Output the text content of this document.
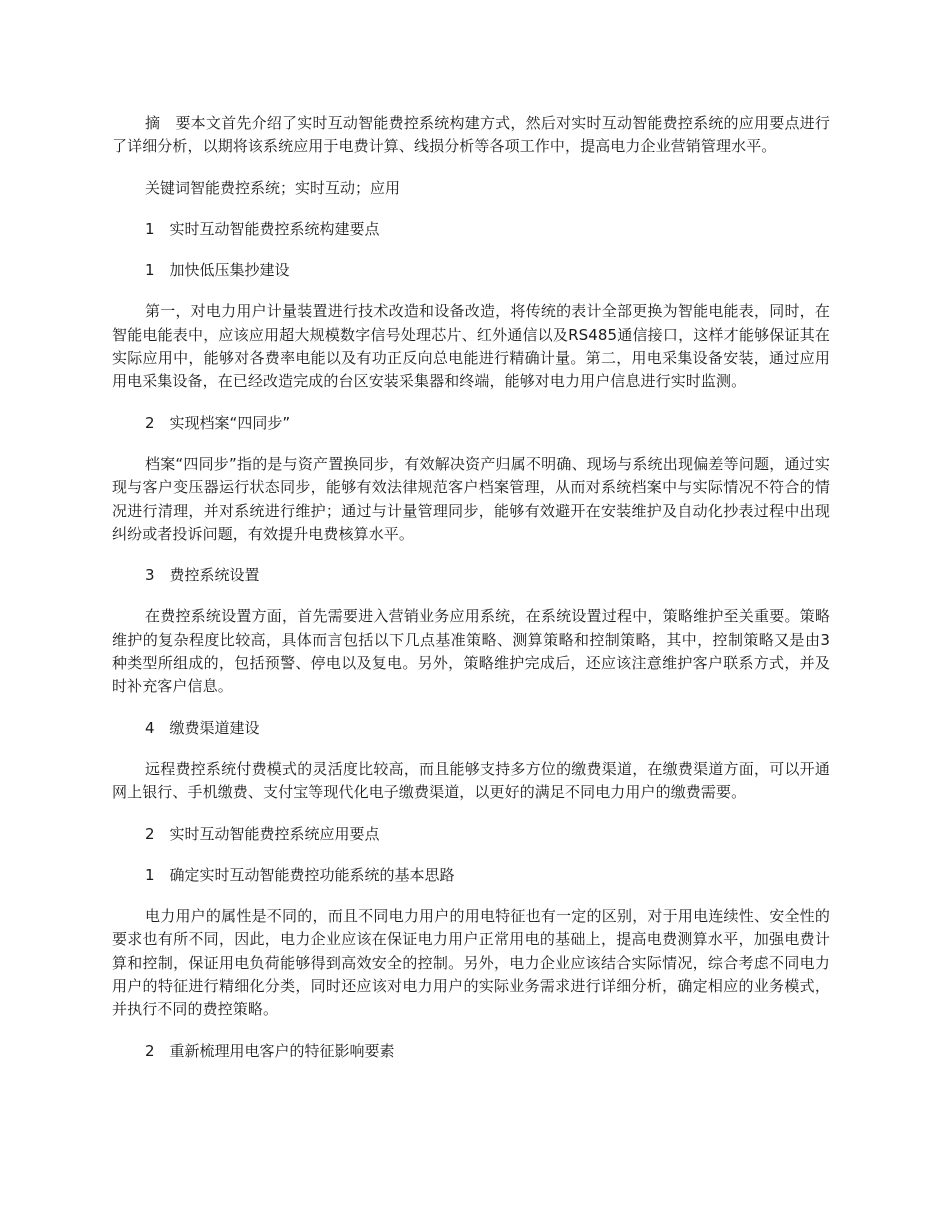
摘　要本文首先介绍了实时互动智能费控系统构建方式，然后对实时互动智能费控系统的应用要点进行了详细分析，以期将该系统应用于电费计算、线损分析等各项工作中，提高电力企业营销管理水平。

关键词智能费控系统；实时互动；应用

1　实时互动智能费控系统构建要点

1　加快低压集抄建设

第一，对电力用户计量装置进行技术改造和设备改造，将传统的表计全部更换为智能电能表，同时，在智能电能表中，应该应用超大规模数字信号处理芯片、红外通信以及RS485通信接口，这样才能够保证其在实际应用中，能够对各费率电能以及有功正反向总电能进行精确计量。第二，用电采集设备安装，通过应用用电采集设备，在已经改造完成的台区安装采集器和终端，能够对电力用户信息进行实时监测。

2　实现档案“四同步”

档案“四同步”指的是与资产置换同步，有效解决资产归属不明确、现场与系统出现偏差等问题，通过实现与客户变压器运行状态同步，能够有效法律规范客户档案管理，从而对系统档案中与实际情况不符合的情况进行清理，并对系统进行维护；通过与计量管理同步，能够有效避开在安装维护及自动化抄表过程中出现纠纷或者投诉问题，有效提升电费核算水平。

3　费控系统设置

在费控系统设置方面，首先需要进入营销业务应用系统，在系统设置过程中，策略维护至关重要。策略维护的复杂程度比较高，具体而言包括以下几点基准策略、测算策略和控制策略，其中，控制策略又是由3种类型所组成的，包括预警、停电以及复电。另外，策略维护完成后，还应该注意维护客户联系方式，并及时补充客户信息。

4　缴费渠道建设

远程费控系统付费模式的灵活度比较高，而且能够支持多方位的缴费渠道，在缴费渠道方面，可以开通网上银行、手机缴费、支付宝等现代化电子缴费渠道，以更好的满足不同电力用户的缴费需要。

2　实时互动智能费控系统应用要点

1　确定实时互动智能费控功能系统的基本思路

电力用户的属性是不同的，而且不同电力用户的用电特征也有一定的区别，对于用电连续性、安全性的要求也有所不同，因此，电力企业应该在保证电力用户正常用电的基础上，提高电费测算水平，加强电费计算和控制，保证用电负荷能够得到高效安全的控制。另外，电力企业应该结合实际情况，综合考虑不同电力用户的特征进行精细化分类，同时还应该对电力用户的实际业务需求进行详细分析，确定相应的业务模式，并执行不同的费控策略。

2　重新梳理用电客户的特征影响要素
